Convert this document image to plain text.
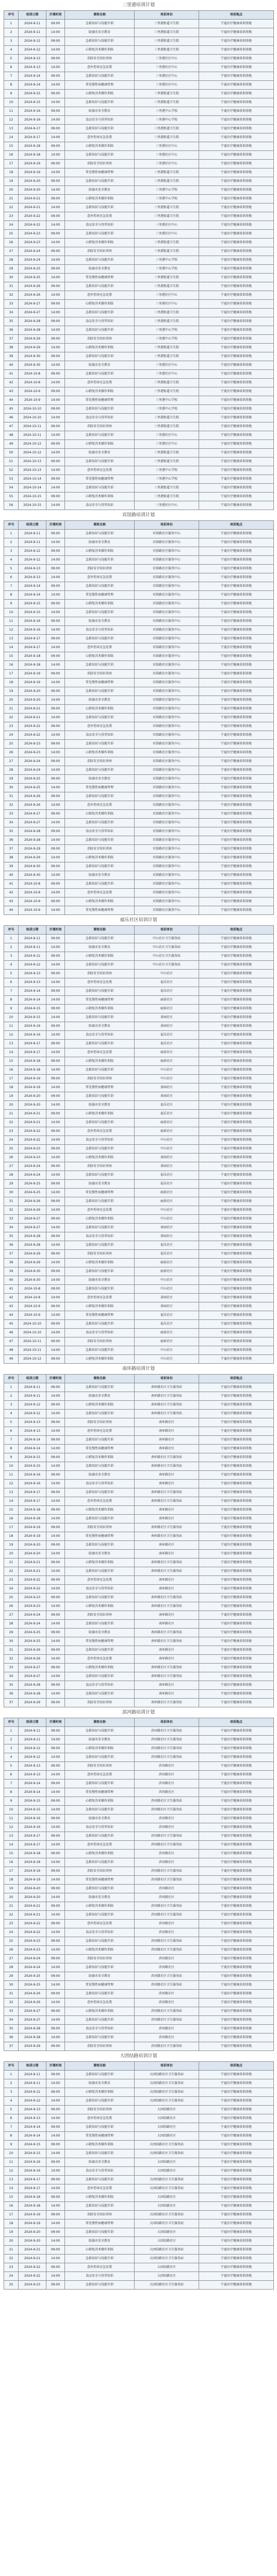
二里港培训计划
序号	培训日期	开课时间	课程名称	培训单位	培训地点
1	2024-9-11	09:00	急救知识与技能实训	三里港街道卫生院	宁夏医疗健康培训基地
2	2024-9-11	14:00	防溺水安全教育	三里港街道卫生院	宁夏医疗健康培训基地
3	2024-9-12	09:00	急救知识与技能实训	三里港街道卫生院	宁夏医疗健康培训基地
4	2024-9-12	14:00	心肺复苏术操作训练	三里港街道卫生院	宁夏医疗健康培训基地
5	2024-9-13	09:00	消防安全知识讲座	三里港社区中心	宁夏医疗健康培训基地
6	2024-9-13	14:00	意外伤害应急处置	三里港社区中心	宁夏医疗健康培训基地
7	2024-9-14	09:00	急救知识与技能实训	三里港社区中心	宁夏医疗健康培训基地
8	2024-9-14	14:00	常见慢性病健康管理	三里港社区中心	宁夏医疗健康培训基地
9	2024-9-15	09:00	心肺复苏术操作训练	三里港街道卫生院	宁夏医疗健康培训基地
10	2024-9-15	14:00	急救知识与技能实训	三里港街道卫生院	宁夏医疗健康培训基地
11	2024-9-16	09:00	防溺水安全教育	三里港中心学校	宁夏医疗健康培训基地
12	2024-9-16	14:00	食品安全与营养知识	三里港中心学校	宁夏医疗健康培训基地
13	2024-9-17	09:00	急救知识与技能实训	三里港街道卫生院	宁夏医疗健康培训基地
14	2024-9-17	14:00	意外伤害应急处置	三里港街道卫生院	宁夏医疗健康培训基地
15	2024-9-18	09:00	心肺复苏术操作训练	三里港社区中心	宁夏医疗健康培训基地
16	2024-9-18	14:00	急救知识与技能实训	三里港社区中心	宁夏医疗健康培训基地
17	2024-9-19	09:00	消防安全知识讲座	三里港社区中心	宁夏医疗健康培训基地
18	2024-9-19	14:00	常见慢性病健康管理	三里港街道卫生院	宁夏医疗健康培训基地
19	2024-9-20	09:00	急救知识与技能实训	三里港街道卫生院	宁夏医疗健康培训基地
20	2024-9-20	14:00	防溺水安全教育	三里港中心学校	宁夏医疗健康培训基地
21	2024-9-21	09:00	心肺复苏术操作训练	三里港中心学校	宁夏医疗健康培训基地
22	2024-9-21	14:00	急救知识与技能实训	三里港街道卫生院	宁夏医疗健康培训基地
23	2024-9-22	09:00	意外伤害应急处置	三里港街道卫生院	宁夏医疗健康培训基地
24	2024-9-22	14:00	食品安全与营养知识	三里港社区中心	宁夏医疗健康培训基地
25	2024-9-23	09:00	急救知识与技能实训	三里港社区中心	宁夏医疗健康培训基地
26	2024-9-23	14:00	心肺复苏术操作训练	三里港街道卫生院	宁夏医疗健康培训基地
27	2024-9-24	09:00	消防安全知识讲座	三里港街道卫生院	宁夏医疗健康培训基地
28	2024-9-24	14:00	急救知识与技能实训	三里港中心学校	宁夏医疗健康培训基地
29	2024-9-25	09:00	防溺水安全教育	三里港中心学校	宁夏医疗健康培训基地
30	2024-9-25	14:00	常见慢性病健康管理	三里港街道卫生院	宁夏医疗健康培训基地
31	2024-9-26	09:00	急救知识与技能实训	三里港街道卫生院	宁夏医疗健康培训基地
32	2024-9-26	14:00	意外伤害应急处置	三里港社区中心	宁夏医疗健康培训基地
33	2024-9-27	09:00	心肺复苏术操作训练	三里港社区中心	宁夏医疗健康培训基地
34	2024-9-27	14:00	急救知识与技能实训	三里港街道卫生院	宁夏医疗健康培训基地
35	2024-9-28	09:00	食品安全与营养知识	三里港街道卫生院	宁夏医疗健康培训基地
36	2024-9-28	14:00	急救知识与技能实训	三里港中心学校	宁夏医疗健康培训基地
37	2024-9-29	09:00	消防安全知识讲座	三里港中心学校	宁夏医疗健康培训基地
38	2024-9-29	14:00	心肺复苏术操作训练	三里港街道卫生院	宁夏医疗健康培训基地
39	2024-9-30	09:00	急救知识与技能实训	三里港街道卫生院	宁夏医疗健康培训基地
40	2024-9-30	14:00	防溺水安全教育	三里港社区中心	宁夏医疗健康培训基地
41	2024-10-8	09:00	急救知识与技能实训	三里港社区中心	宁夏医疗健康培训基地
42	2024-10-8	14:00	意外伤害应急处置	三里港街道卫生院	宁夏医疗健康培训基地
43	2024-10-9	09:00	心肺复苏术操作训练	三里港街道卫生院	宁夏医疗健康培训基地
44	2024-10-9	14:00	常见慢性病健康管理	三里港中心学校	宁夏医疗健康培训基地
45	2024-10-10	09:00	急救知识与技能实训	三里港中心学校	宁夏医疗健康培训基地
46	2024-10-10	14:00	食品安全与营养知识	三里港街道卫生院	宁夏医疗健康培训基地
47	2024-10-11	09:00	消防安全知识讲座	三里港街道卫生院	宁夏医疗健康培训基地
48	2024-10-11	14:00	急救知识与技能实训	三里港社区中心	宁夏医疗健康培训基地
49	2024-10-12	09:00	心肺复苏术操作训练	三里港社区中心	宁夏医疗健康培训基地
50	2024-10-12	14:00	防溺水安全教育	三里港街道卫生院	宁夏医疗健康培训基地
51	2024-10-13	09:00	急救知识与技能实训	三里港街道卫生院	宁夏医疗健康培训基地
52	2024-10-13	14:00	意外伤害应急处置	三里港中心学校	宁夏医疗健康培训基地
53	2024-10-14	09:00	常见慢性病健康管理	三里港中心学校	宁夏医疗健康培训基地
54	2024-10-14	14:00	急救知识与技能实训	三里港街道卫生院	宁夏医疗健康培训基地
55	2024-10-15	09:00	心肺复苏术操作训练	三里港街道卫生院	宁夏医疗健康培训基地
56	2024-10-15	14:00	食品安全与营养知识	三里港社区中心	宁夏医疗健康培训基地
宾馆路培训计划
序号	培训日期	开课时间	课程名称	培训单位	培训地点
1	2024-9-11	09:00	急救知识与技能实训	宾馆路社区服务中心	宁夏医疗健康培训基地
2	2024-9-11	14:00	防溺水安全教育	宾馆路社区服务中心	宁夏医疗健康培训基地
3	2024-9-12	09:00	心肺复苏术操作训练	宾馆路社区服务中心	宁夏医疗健康培训基地
4	2024-9-12	14:00	急救知识与技能实训	宾馆路社区服务中心	宁夏医疗健康培训基地
5	2024-9-13	09:00	消防安全知识讲座	宾馆路社区服务中心	宁夏医疗健康培训基地
6	2024-9-13	14:00	意外伤害应急处置	宾馆路社区服务中心	宁夏医疗健康培训基地
7	2024-9-14	09:00	急救知识与技能实训	宾馆路社区服务中心	宁夏医疗健康培训基地
8	2024-9-14	14:00	常见慢性病健康管理	宾馆路社区服务中心	宁夏医疗健康培训基地
9	2024-9-15	09:00	心肺复苏术操作训练	宾馆路社区服务中心	宁夏医疗健康培训基地
10	2024-9-15	14:00	急救知识与技能实训	宾馆路社区服务中心	宁夏医疗健康培训基地
11	2024-9-16	09:00	防溺水安全教育	宾馆路社区服务中心	宁夏医疗健康培训基地
12	2024-9-16	14:00	食品安全与营养知识	宾馆路社区服务中心	宁夏医疗健康培训基地
13	2024-9-17	09:00	急救知识与技能实训	宾馆路社区服务中心	宁夏医疗健康培训基地
14	2024-9-17	14:00	意外伤害应急处置	宾馆路社区服务中心	宁夏医疗健康培训基地
15	2024-9-18	09:00	心肺复苏术操作训练	宾馆路社区服务中心	宁夏医疗健康培训基地
16	2024-9-18	14:00	急救知识与技能实训	宾馆路社区服务中心	宁夏医疗健康培训基地
17	2024-9-19	09:00	消防安全知识讲座	宾馆路社区服务中心	宁夏医疗健康培训基地
18	2024-9-19	14:00	常见慢性病健康管理	宾馆路社区服务中心	宁夏医疗健康培训基地
19	2024-9-20	09:00	急救知识与技能实训	宾馆路社区服务中心	宁夏医疗健康培训基地
20	2024-9-20	14:00	防溺水安全教育	宾馆路社区服务中心	宁夏医疗健康培训基地
21	2024-9-21	09:00	心肺复苏术操作训练	宾馆路社区服务中心	宁夏医疗健康培训基地
22	2024-9-21	14:00	急救知识与技能实训	宾馆路社区服务中心	宁夏医疗健康培训基地
23	2024-9-22	09:00	意外伤害应急处置	宾馆路社区服务中心	宁夏医疗健康培训基地
24	2024-9-22	14:00	食品安全与营养知识	宾馆路社区服务中心	宁夏医疗健康培训基地
25	2024-9-23	09:00	急救知识与技能实训	宾馆路社区服务中心	宁夏医疗健康培训基地
26	2024-9-23	14:00	心肺复苏术操作训练	宾馆路社区服务中心	宁夏医疗健康培训基地
27	2024-9-24	09:00	消防安全知识讲座	宾馆路社区服务中心	宁夏医疗健康培训基地
28	2024-9-24	14:00	急救知识与技能实训	宾馆路社区服务中心	宁夏医疗健康培训基地
29	2024-9-25	09:00	防溺水安全教育	宾馆路社区服务中心	宁夏医疗健康培训基地
30	2024-9-25	14:00	常见慢性病健康管理	宾馆路社区服务中心	宁夏医疗健康培训基地
31	2024-9-26	09:00	急救知识与技能实训	宾馆路社区服务中心	宁夏医疗健康培训基地
32	2024-9-26	14:00	意外伤害应急处置	宾馆路社区服务中心	宁夏医疗健康培训基地
33	2024-9-27	09:00	心肺复苏术操作训练	宾馆路社区服务中心	宁夏医疗健康培训基地
34	2024-9-27	14:00	急救知识与技能实训	宾馆路社区服务中心	宁夏医疗健康培训基地
35	2024-9-28	09:00	食品安全与营养知识	宾馆路社区服务中心	宁夏医疗健康培训基地
36	2024-9-28	14:00	急救知识与技能实训	宾馆路社区服务中心	宁夏医疗健康培训基地
37	2024-9-29	09:00	消防安全知识讲座	宾馆路社区服务中心	宁夏医疗健康培训基地
38	2024-9-29	14:00	心肺复苏术操作训练	宾馆路社区服务中心	宁夏医疗健康培训基地
39	2024-9-30	09:00	急救知识与技能实训	宾馆路社区服务中心	宁夏医疗健康培训基地
40	2024-9-30	14:00	防溺水安全教育	宾馆路社区服务中心	宁夏医疗健康培训基地
41	2024-10-8	09:00	急救知识与技能实训	宾馆路社区服务中心	宁夏医疗健康培训基地
42	2024-10-8	14:00	意外伤害应急处置	宾馆路社区服务中心	宁夏医疗健康培训基地
43	2024-10-9	09:00	心肺复苏术操作训练	宾馆路社区服务中心	宁夏医疗健康培训基地
44	2024-10-9	14:00	常见慢性病健康管理	宾馆路社区服务中心	宁夏医疗健康培训基地
福乐社区培训计划
序号	培训日期	开课时间	课程名称	培训单位	培训地点
1	2024-9-11	09:00	急救知识与技能实训	中山社区卫生服务站	宁夏医疗健康培训基地
2	2024-9-11	14:00	防溺水安全教育	中山社区卫生服务站	宁夏医疗健康培训基地
3	2024-9-12	09:00	心肺复苏术操作训练	中山社区卫生服务站	宁夏医疗健康培训基地
4	2024-9-12	14:00	急救知识与技能实训	中山社区卫生服务站	宁夏医疗健康培训基地
5	2024-9-13	09:00	消防安全知识讲座	中山社区	宁夏医疗健康培训基地
6	2024-9-13	14:00	意外伤害应急处置	福乐社区	宁夏医疗健康培训基地
7	2024-9-14	09:00	急救知识与技能实训	福乐社区	宁夏医疗健康培训基地
8	2024-9-14	14:00	常见慢性病健康管理	丽景社区	宁夏医疗健康培训基地
9	2024-9-15	09:00	心肺复苏术操作训练	丽景社区	宁夏医疗健康培训基地
10	2024-9-15	14:00	急救知识与技能实训	景园社区	宁夏医疗健康培训基地
11	2024-9-16	09:00	防溺水安全教育	景园社区	宁夏医疗健康培训基地
12	2024-9-16	14:00	食品安全与营养知识	福乐社区	宁夏医疗健康培训基地
13	2024-9-17	09:00	急救知识与技能实训	福乐社区	宁夏医疗健康培训基地
14	2024-9-17	14:00	意外伤害应急处置	丽景社区	宁夏医疗健康培训基地
15	2024-9-18	09:00	心肺复苏术操作训练	丽景社区	宁夏医疗健康培训基地
16	2024-9-18	14:00	急救知识与技能实训	中山社区	宁夏医疗健康培训基地
17	2024-9-19	09:00	消防安全知识讲座	中山社区	宁夏医疗健康培训基地
18	2024-9-19	14:00	常见慢性病健康管理	景园社区	宁夏医疗健康培训基地
19	2024-9-20	09:00	急救知识与技能实训	景园社区	宁夏医疗健康培训基地
20	2024-9-20	14:00	防溺水安全教育	福乐社区	宁夏医疗健康培训基地
21	2024-9-21	09:00	心肺复苏术操作训练	福乐社区	宁夏医疗健康培训基地
22	2024-9-21	14:00	急救知识与技能实训	丽景社区	宁夏医疗健康培训基地
23	2024-9-22	09:00	意外伤害应急处置	丽景社区	宁夏医疗健康培训基地
24	2024-9-22	14:00	食品安全与营养知识	中山社区	宁夏医疗健康培训基地
25	2024-9-23	09:00	急救知识与技能实训	中山社区	宁夏医疗健康培训基地
26	2024-9-23	14:00	心肺复苏术操作训练	景园社区	宁夏医疗健康培训基地
27	2024-9-24	09:00	消防安全知识讲座	景园社区	宁夏医疗健康培训基地
28	2024-9-24	14:00	急救知识与技能实训	福乐社区	宁夏医疗健康培训基地
29	2024-9-25	09:00	防溺水安全教育	福乐社区	宁夏医疗健康培训基地
30	2024-9-25	14:00	常见慢性病健康管理	丽景社区	宁夏医疗健康培训基地
31	2024-9-26	09:00	急救知识与技能实训	丽景社区	宁夏医疗健康培训基地
32	2024-9-26	14:00	意外伤害应急处置	中山社区	宁夏医疗健康培训基地
33	2024-9-27	09:00	心肺复苏术操作训练	中山社区	宁夏医疗健康培训基地
34	2024-9-27	14:00	急救知识与技能实训	景园社区	宁夏医疗健康培训基地
35	2024-9-28	09:00	食品安全与营养知识	景园社区	宁夏医疗健康培训基地
36	2024-9-28	14:00	急救知识与技能实训	福乐社区	宁夏医疗健康培训基地
37	2024-9-29	09:00	消防安全知识讲座	福乐社区	宁夏医疗健康培训基地
38	2024-9-29	14:00	心肺复苏术操作训练	丽景社区	宁夏医疗健康培训基地
39	2024-9-30	09:00	急救知识与技能实训	丽景社区	宁夏医疗健康培训基地
40	2024-9-30	14:00	防溺水安全教育	中山社区	宁夏医疗健康培训基地
41	2024-10-8	09:00	急救知识与技能实训	中山社区	宁夏医疗健康培训基地
42	2024-10-8	14:00	意外伤害应急处置	景园社区	宁夏医疗健康培训基地
43	2024-10-9	09:00	心肺复苏术操作训练	景园社区	宁夏医疗健康培训基地
44	2024-10-9	14:00	常见慢性病健康管理	福乐社区	宁夏医疗健康培训基地
45	2024-10-10	09:00	急救知识与技能实训	福乐社区	宁夏医疗健康培训基地
46	2024-10-10	14:00	食品安全与营养知识	丽景社区	宁夏医疗健康培训基地
47	2024-10-11	09:00	消防安全知识讲座	丽景社区	宁夏医疗健康培训基地
48	2024-10-11	14:00	急救知识与技能实训	中山社区	宁夏医疗健康培训基地
49	2024-10-12	09:00	心肺复苏术操作训练	中山社区	宁夏医疗健康培训基地
南环路培训计划
序号	培训日期	开课时间	课程名称	培训单位	培训地点
1	2024-9-11	09:00	急救知识与技能实训	南环路社区卫生服务站	宁夏医疗健康培训基地
2	2024-9-11	14:00	防溺水安全教育	南环路社区卫生服务站	宁夏医疗健康培训基地
3	2024-9-12	09:00	心肺复苏术操作训练	南环路社区卫生服务站	宁夏医疗健康培训基地
4	2024-9-12	14:00	急救知识与技能实训	南环路社区卫生服务站	宁夏医疗健康培训基地
5	2024-9-13	09:00	消防安全知识讲座	南环路社区	宁夏医疗健康培训基地
6	2024-9-13	14:00	意外伤害应急处置	南环路社区	宁夏医疗健康培训基地
7	2024-9-14	09:00	急救知识与技能实训	南环路社区	宁夏医疗健康培训基地
8	2024-9-14	14:00	常见慢性病健康管理	南环路社区	宁夏医疗健康培训基地
9	2024-9-15	09:00	心肺复苏术操作训练	南环路社区卫生服务站	宁夏医疗健康培训基地
10	2024-9-15	14:00	急救知识与技能实训	南环路社区卫生服务站	宁夏医疗健康培训基地
11	2024-9-16	09:00	防溺水安全教育	南环路社区	宁夏医疗健康培训基地
12	2024-9-16	14:00	食品安全与营养知识	南环路社区	宁夏医疗健康培训基地
13	2024-9-17	09:00	急救知识与技能实训	南环路社区卫生服务站	宁夏医疗健康培训基地
14	2024-9-17	14:00	意外伤害应急处置	南环路社区卫生服务站	宁夏医疗健康培训基地
15	2024-9-18	09:00	心肺复苏术操作训练	南环路社区	宁夏医疗健康培训基地
16	2024-9-18	14:00	急救知识与技能实训	南环路社区	宁夏医疗健康培训基地
17	2024-9-19	09:00	消防安全知识讲座	南环路社区卫生服务站	宁夏医疗健康培训基地
18	2024-9-19	14:00	常见慢性病健康管理	南环路社区卫生服务站	宁夏医疗健康培训基地
19	2024-9-20	09:00	急救知识与技能实训	南环路社区	宁夏医疗健康培训基地
20	2024-9-20	14:00	防溺水安全教育	南环路社区	宁夏医疗健康培训基地
21	2024-9-21	09:00	心肺复苏术操作训练	南环路社区卫生服务站	宁夏医疗健康培训基地
22	2024-9-21	14:00	急救知识与技能实训	南环路社区卫生服务站	宁夏医疗健康培训基地
23	2024-9-22	09:00	意外伤害应急处置	南环路社区	宁夏医疗健康培训基地
24	2024-9-22	14:00	食品安全与营养知识	南环路社区	宁夏医疗健康培训基地
25	2024-9-23	09:00	急救知识与技能实训	南环路社区卫生服务站	宁夏医疗健康培训基地
26	2024-9-23	14:00	心肺复苏术操作训练	南环路社区卫生服务站	宁夏医疗健康培训基地
27	2024-9-24	09:00	消防安全知识讲座	南环路社区	宁夏医疗健康培训基地
28	2024-9-24	14:00	急救知识与技能实训	南环路社区	宁夏医疗健康培训基地
29	2024-9-25	09:00	防溺水安全教育	南环路社区卫生服务站	宁夏医疗健康培训基地
30	2024-9-25	14:00	常见慢性病健康管理	南环路社区卫生服务站	宁夏医疗健康培训基地
31	2024-9-26	09:00	急救知识与技能实训	南环路社区	宁夏医疗健康培训基地
32	2024-9-26	14:00	意外伤害应急处置	南环路社区	宁夏医疗健康培训基地
33	2024-9-27	09:00	心肺复苏术操作训练	南环路社区卫生服务站	宁夏医疗健康培训基地
34	2024-9-27	14:00	急救知识与技能实训	南环路社区卫生服务站	宁夏医疗健康培训基地
35	2024-9-28	09:00	食品安全与营养知识	南环路社区	宁夏医疗健康培训基地
36	2024-9-28	14:00	急救知识与技能实训	南环路社区	宁夏医疗健康培训基地
37	2024-9-29	09:00	消防安全知识讲座	南环路社区卫生服务站	宁夏医疗健康培训基地
滨河路培训计划
序号	培训日期	开课时间	课程名称	培训单位	培训地点
1	2024-9-11	09:00	急救知识与技能实训	滨河路社区卫生服务站	宁夏医疗健康培训基地
2	2024-9-11	14:00	防溺水安全教育	滨河路社区卫生服务站	宁夏医疗健康培训基地
3	2024-9-12	09:00	心肺复苏术操作训练	滨河路社区卫生服务站	宁夏医疗健康培训基地
4	2024-9-12	14:00	急救知识与技能实训	滨河路社区卫生服务站	宁夏医疗健康培训基地
5	2024-9-13	09:00	消防安全知识讲座	滨河路社区	宁夏医疗健康培训基地
6	2024-9-13	14:00	意外伤害应急处置	滨河路社区	宁夏医疗健康培训基地
7	2024-9-14	09:00	急救知识与技能实训	滨河路社区	宁夏医疗健康培训基地
8	2024-9-14	14:00	常见慢性病健康管理	滨河路社区	宁夏医疗健康培训基地
9	2024-9-15	09:00	心肺复苏术操作训练	滨河路社区卫生服务站	宁夏医疗健康培训基地
10	2024-9-15	14:00	急救知识与技能实训	滨河路社区卫生服务站	宁夏医疗健康培训基地
11	2024-9-16	09:00	防溺水安全教育	滨河路社区	宁夏医疗健康培训基地
12	2024-9-16	14:00	食品安全与营养知识	滨河路社区	宁夏医疗健康培训基地
13	2024-9-17	09:00	急救知识与技能实训	滨河路社区卫生服务站	宁夏医疗健康培训基地
14	2024-9-17	14:00	意外伤害应急处置	滨河路社区卫生服务站	宁夏医疗健康培训基地
15	2024-9-18	09:00	心肺复苏术操作训练	滨河路社区	宁夏医疗健康培训基地
16	2024-9-18	14:00	急救知识与技能实训	滨河路社区	宁夏医疗健康培训基地
17	2024-9-19	09:00	消防安全知识讲座	滨河路社区卫生服务站	宁夏医疗健康培训基地
18	2024-9-19	14:00	常见慢性病健康管理	滨河路社区卫生服务站	宁夏医疗健康培训基地
19	2024-9-20	09:00	急救知识与技能实训	滨河路社区	宁夏医疗健康培训基地
20	2024-9-20	14:00	防溺水安全教育	滨河路社区	宁夏医疗健康培训基地
21	2024-9-21	09:00	心肺复苏术操作训练	滨河路社区卫生服务站	宁夏医疗健康培训基地
22	2024-9-21	14:00	急救知识与技能实训	滨河路社区卫生服务站	宁夏医疗健康培训基地
23	2024-9-22	09:00	意外伤害应急处置	滨河路社区	宁夏医疗健康培训基地
24	2024-9-22	14:00	食品安全与营养知识	滨河路社区	宁夏医疗健康培训基地
25	2024-9-23	09:00	急救知识与技能实训	滨河路社区卫生服务站	宁夏医疗健康培训基地
26	2024-9-23	14:00	心肺复苏术操作训练	滨河路社区卫生服务站	宁夏医疗健康培训基地
27	2024-9-24	09:00	消防安全知识讲座	滨河路社区	宁夏医疗健康培训基地
28	2024-9-24	14:00	急救知识与技能实训	滨河路社区	宁夏医疗健康培训基地
29	2024-9-25	09:00	防溺水安全教育	滨河路社区卫生服务站	宁夏医疗健康培训基地
30	2024-9-25	14:00	常见慢性病健康管理	滨河路社区卫生服务站	宁夏医疗健康培训基地
31	2024-9-26	09:00	急救知识与技能实训	滨河路社区	宁夏医疗健康培训基地
32	2024-9-26	14:00	意外伤害应急处置	滨河路社区	宁夏医疗健康培训基地
33	2024-9-27	09:00	心肺复苏术操作训练	滨河路社区卫生服务站	宁夏医疗健康培训基地
34	2024-9-27	14:00	急救知识与技能实训	滨河路社区卫生服务站	宁夏医疗健康培训基地
35	2024-9-28	09:00	食品安全与营养知识	滨河路社区	宁夏医疗健康培训基地
36	2024-9-28	14:00	急救知识与技能实训	滨河路社区	宁夏医疗健康培训基地
37	2024-9-29	09:00	消防安全知识讲座	滨河路社区卫生服务站	宁夏医疗健康培训基地
大团结路培训计划
序号	培训日期	开课时间	课程名称	培训单位	培训地点
1	2024-9-11	09:00	急救知识与技能实训	大团结路社区卫生服务站	宁夏医疗健康培训基地
2	2024-9-11	14:00	防溺水安全教育	大团结路社区卫生服务站	宁夏医疗健康培训基地
3	2024-9-12	09:00	心肺复苏术操作训练	大团结路社区卫生服务站	宁夏医疗健康培训基地
4	2024-9-12	14:00	急救知识与技能实训	大团结路社区卫生服务站	宁夏医疗健康培训基地
5	2024-9-13	09:00	消防安全知识讲座	大团结路社区	宁夏医疗健康培训基地
6	2024-9-13	14:00	意外伤害应急处置	大团结路社区	宁夏医疗健康培训基地
7	2024-9-14	09:00	急救知识与技能实训	大团结路社区	宁夏医疗健康培训基地
8	2024-9-14	14:00	常见慢性病健康管理	大团结路社区	宁夏医疗健康培训基地
9	2024-9-15	09:00	心肺复苏术操作训练	大团结路社区卫生服务站	宁夏医疗健康培训基地
10	2024-9-15	14:00	急救知识与技能实训	大团结路社区卫生服务站	宁夏医疗健康培训基地
11	2024-9-16	09:00	防溺水安全教育	大团结路社区	宁夏医疗健康培训基地
12	2024-9-16	14:00	食品安全与营养知识	大团结路社区	宁夏医疗健康培训基地
13	2024-9-17	09:00	急救知识与技能实训	大团结路社区卫生服务站	宁夏医疗健康培训基地
14	2024-9-17	14:00	意外伤害应急处置	大团结路社区卫生服务站	宁夏医疗健康培训基地
15	2024-9-18	09:00	心肺复苏术操作训练	大团结路社区	宁夏医疗健康培训基地
16	2024-9-18	14:00	急救知识与技能实训	大团结路社区	宁夏医疗健康培训基地
17	2024-9-19	09:00	消防安全知识讲座	大团结路社区卫生服务站	宁夏医疗健康培训基地
18	2024-9-19	14:00	常见慢性病健康管理	大团结路社区卫生服务站	宁夏医疗健康培训基地
19	2024-9-20	09:00	急救知识与技能实训	大团结路社区	宁夏医疗健康培训基地
20	2024-9-20	14:00	防溺水安全教育	大团结路社区	宁夏医疗健康培训基地
21	2024-9-21	09:00	心肺复苏术操作训练	大团结路社区卫生服务站	宁夏医疗健康培训基地
22	2024-9-21	14:00	急救知识与技能实训	大团结路社区卫生服务站	宁夏医疗健康培训基地
23	2024-9-22	09:00	意外伤害应急处置	大团结路社区	宁夏医疗健康培训基地
24	2024-9-22	14:00	食品安全与营养知识	大团结路社区	宁夏医疗健康培训基地
25	2024-9-23	09:00	急救知识与技能实训	大团结路社区卫生服务站	宁夏医疗健康培训基地
